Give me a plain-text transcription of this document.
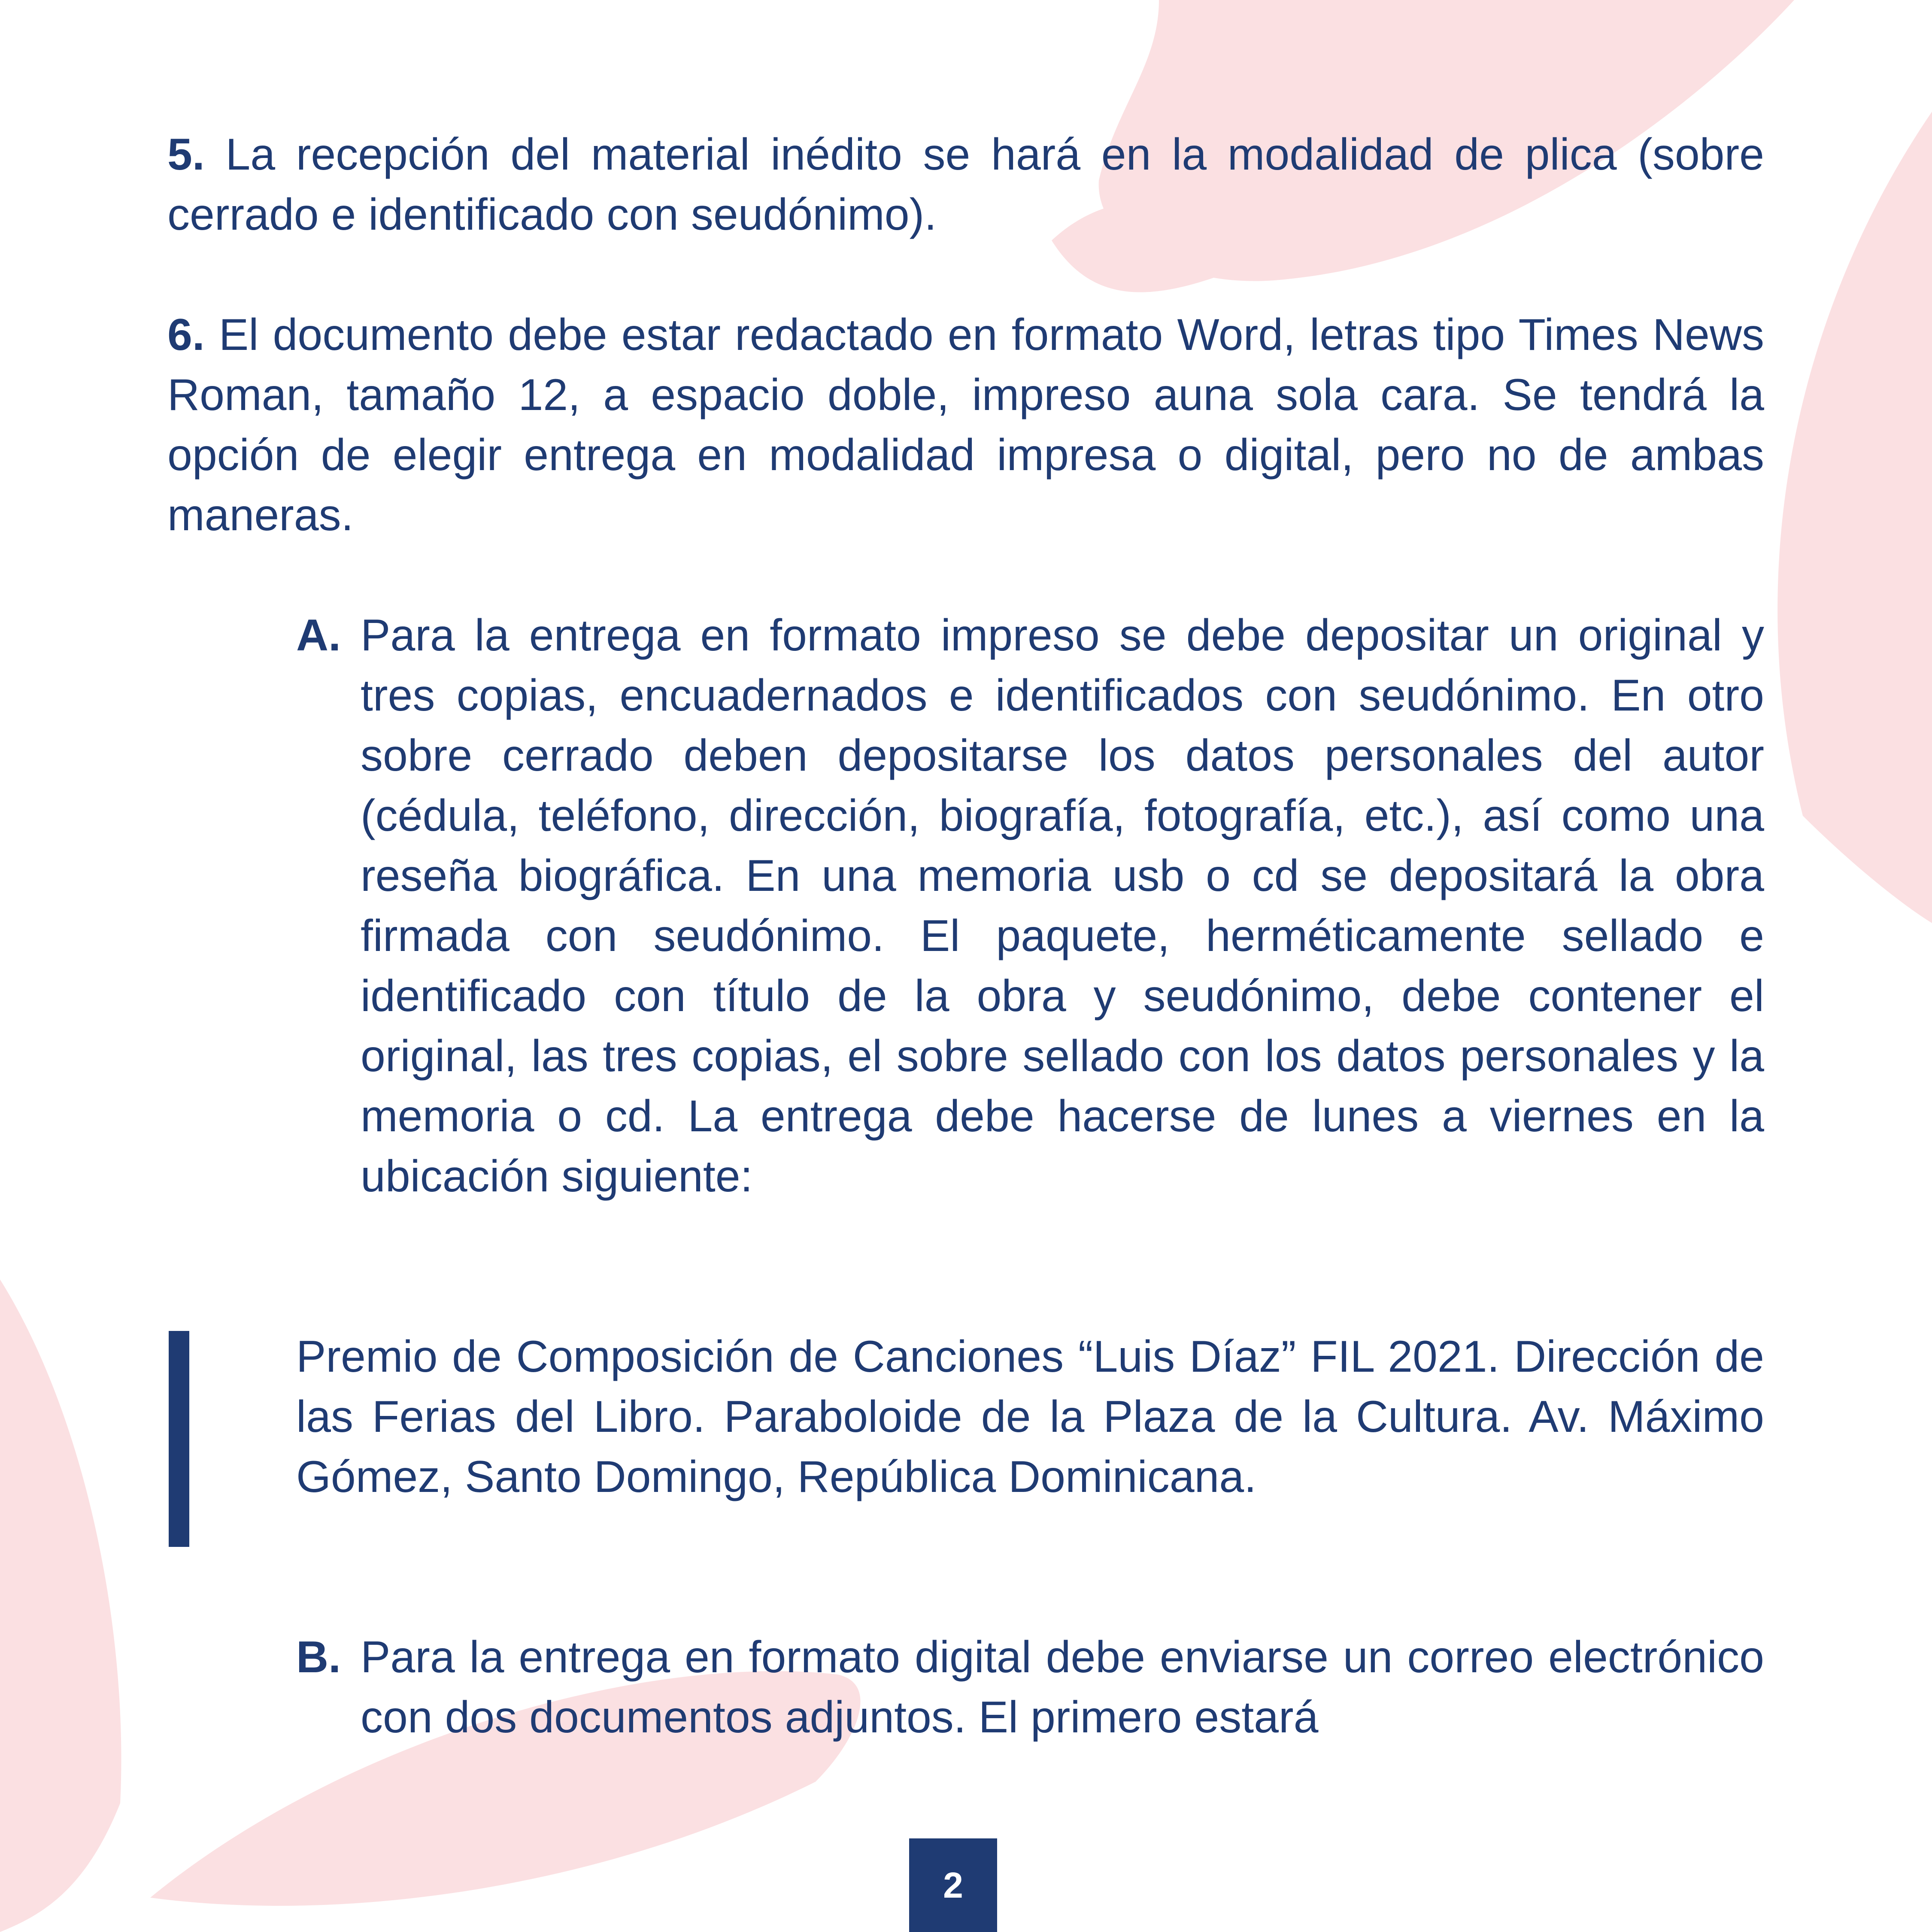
5. La recepción del material inédito se hará en la modalidad de plica (sobre cerrado e identificado con seudónimo).

6. El documento debe estar redactado en formato Word, letras tipo Times News Roman, tamaño 12, a espacio doble, impreso auna sola cara. Se tendrá la opción de elegir entrega en modalidad impresa o digital, pero no de ambas maneras.

A. Para la entrega en formato impreso se debe depositar un original y tres copias, encuadernados e identificados con seudónimo. En otro sobre cerrado deben depositarse los datos personales del autor (cédula, teléfono, dirección, biografía, fotografía, etc.), así como una reseña biográfica. En una memoria usb o cd se depositará la obra firmada con seudónimo. El paquete, herméticamente sellado e identificado con título de la obra y seudónimo, debe contener el original, las tres copias, el sobre sellado con los datos personales y la memoria o cd. La entrega debe hacerse de lunes a viernes en la ubicación siguiente:

Premio de Composición de Canciones “Luis Díaz” FIL 2021. Dirección de las Ferias del Libro. Paraboloide de la Plaza de la Cultura. Av. Máximo Gómez, Santo Domingo, República Dominicana.

B. Para la entrega en formato digital debe enviarse un correo electrónico con dos documentos adjuntos. El primero estará

2
